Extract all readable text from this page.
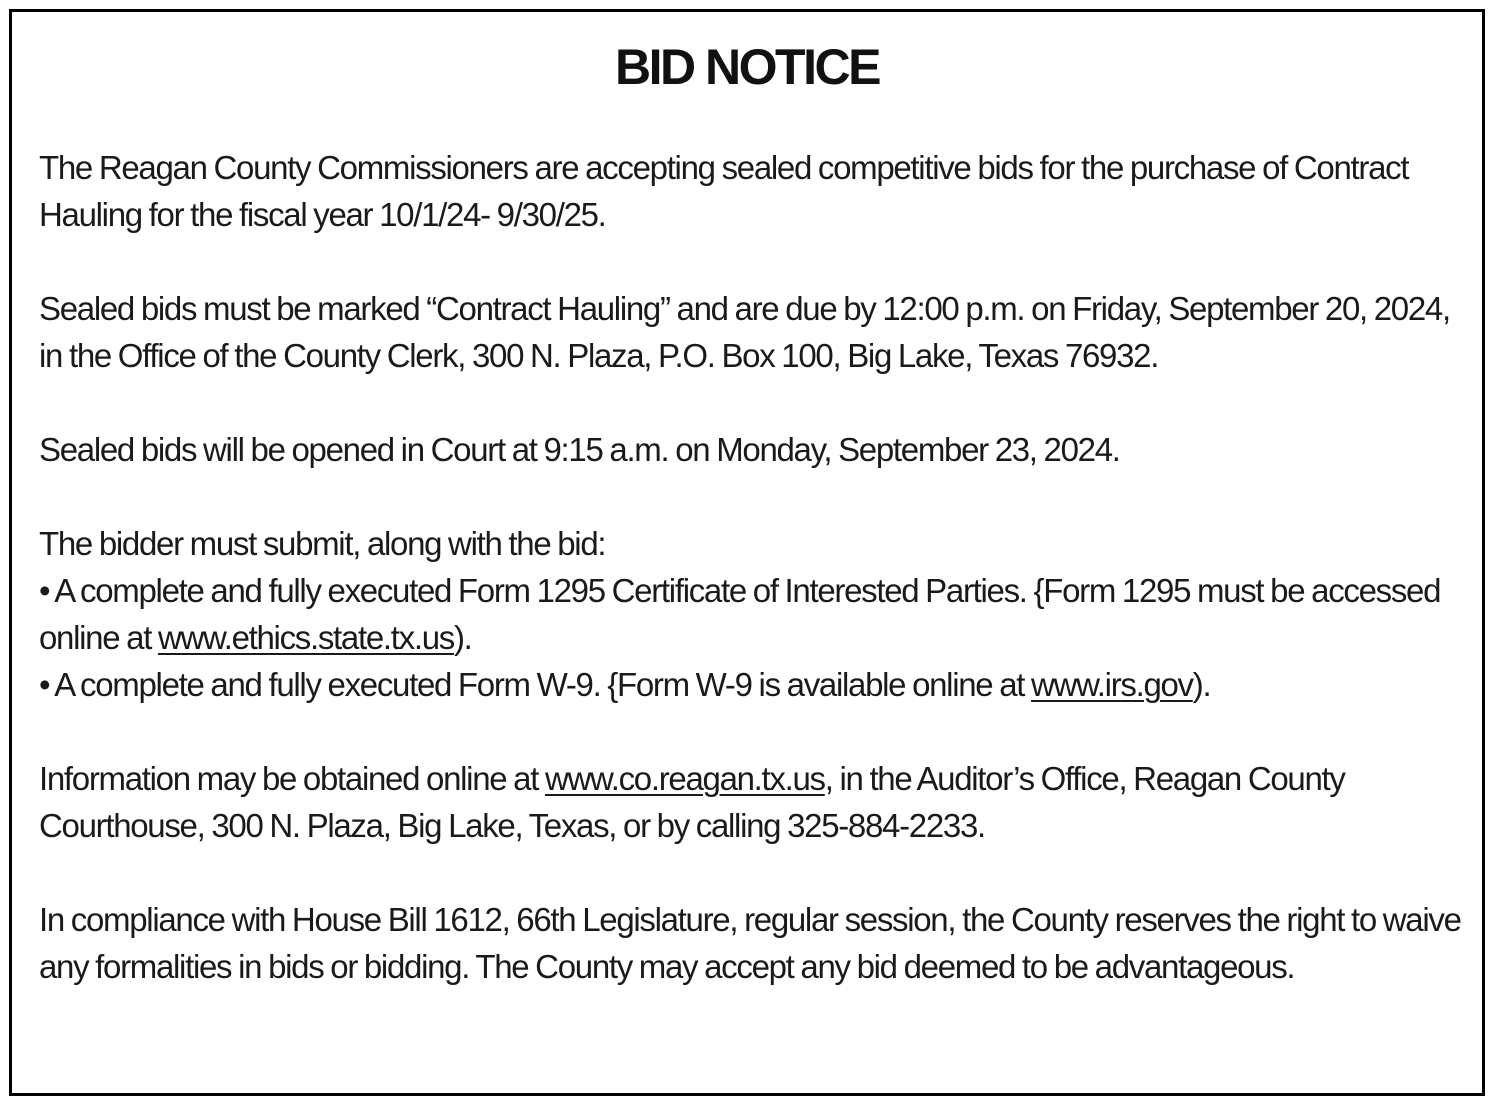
BID NOTICE

The Reagan County Commissioners are accepting sealed competitive bids for the purchase of Contract Hauling for the fiscal year 10/1/24- 9/30/25.

Sealed bids must be marked “Contract Hauling” and are due by 12:00 p.m. on Friday, September 20, 2024, in the Office of the County Clerk, 300 N. Plaza, P.O. Box 100, Big Lake, Texas 76932.

Sealed bids will be opened in Court at 9:15 a.m. on Monday, September 23, 2024.

The bidder must submit, along with the bid:

• A complete and fully executed Form 1295 Certificate of Interested Parties. {Form 1295 must be accessed online at www.ethics.state.tx.us).

• A complete and fully executed Form W-9. {Form W-9 is available online at www.irs.gov).

Information may be obtained online at www.co.reagan.tx.us, in the Auditor’s Office, Reagan County Courthouse, 300 N. Plaza, Big Lake, Texas, or by calling 325-884-2233.

In compliance with House Bill 1612, 66th Legislature, regular session, the County reserves the right to waive any formalities in bids or bidding. The County may accept any bid deemed to be advantageous.
